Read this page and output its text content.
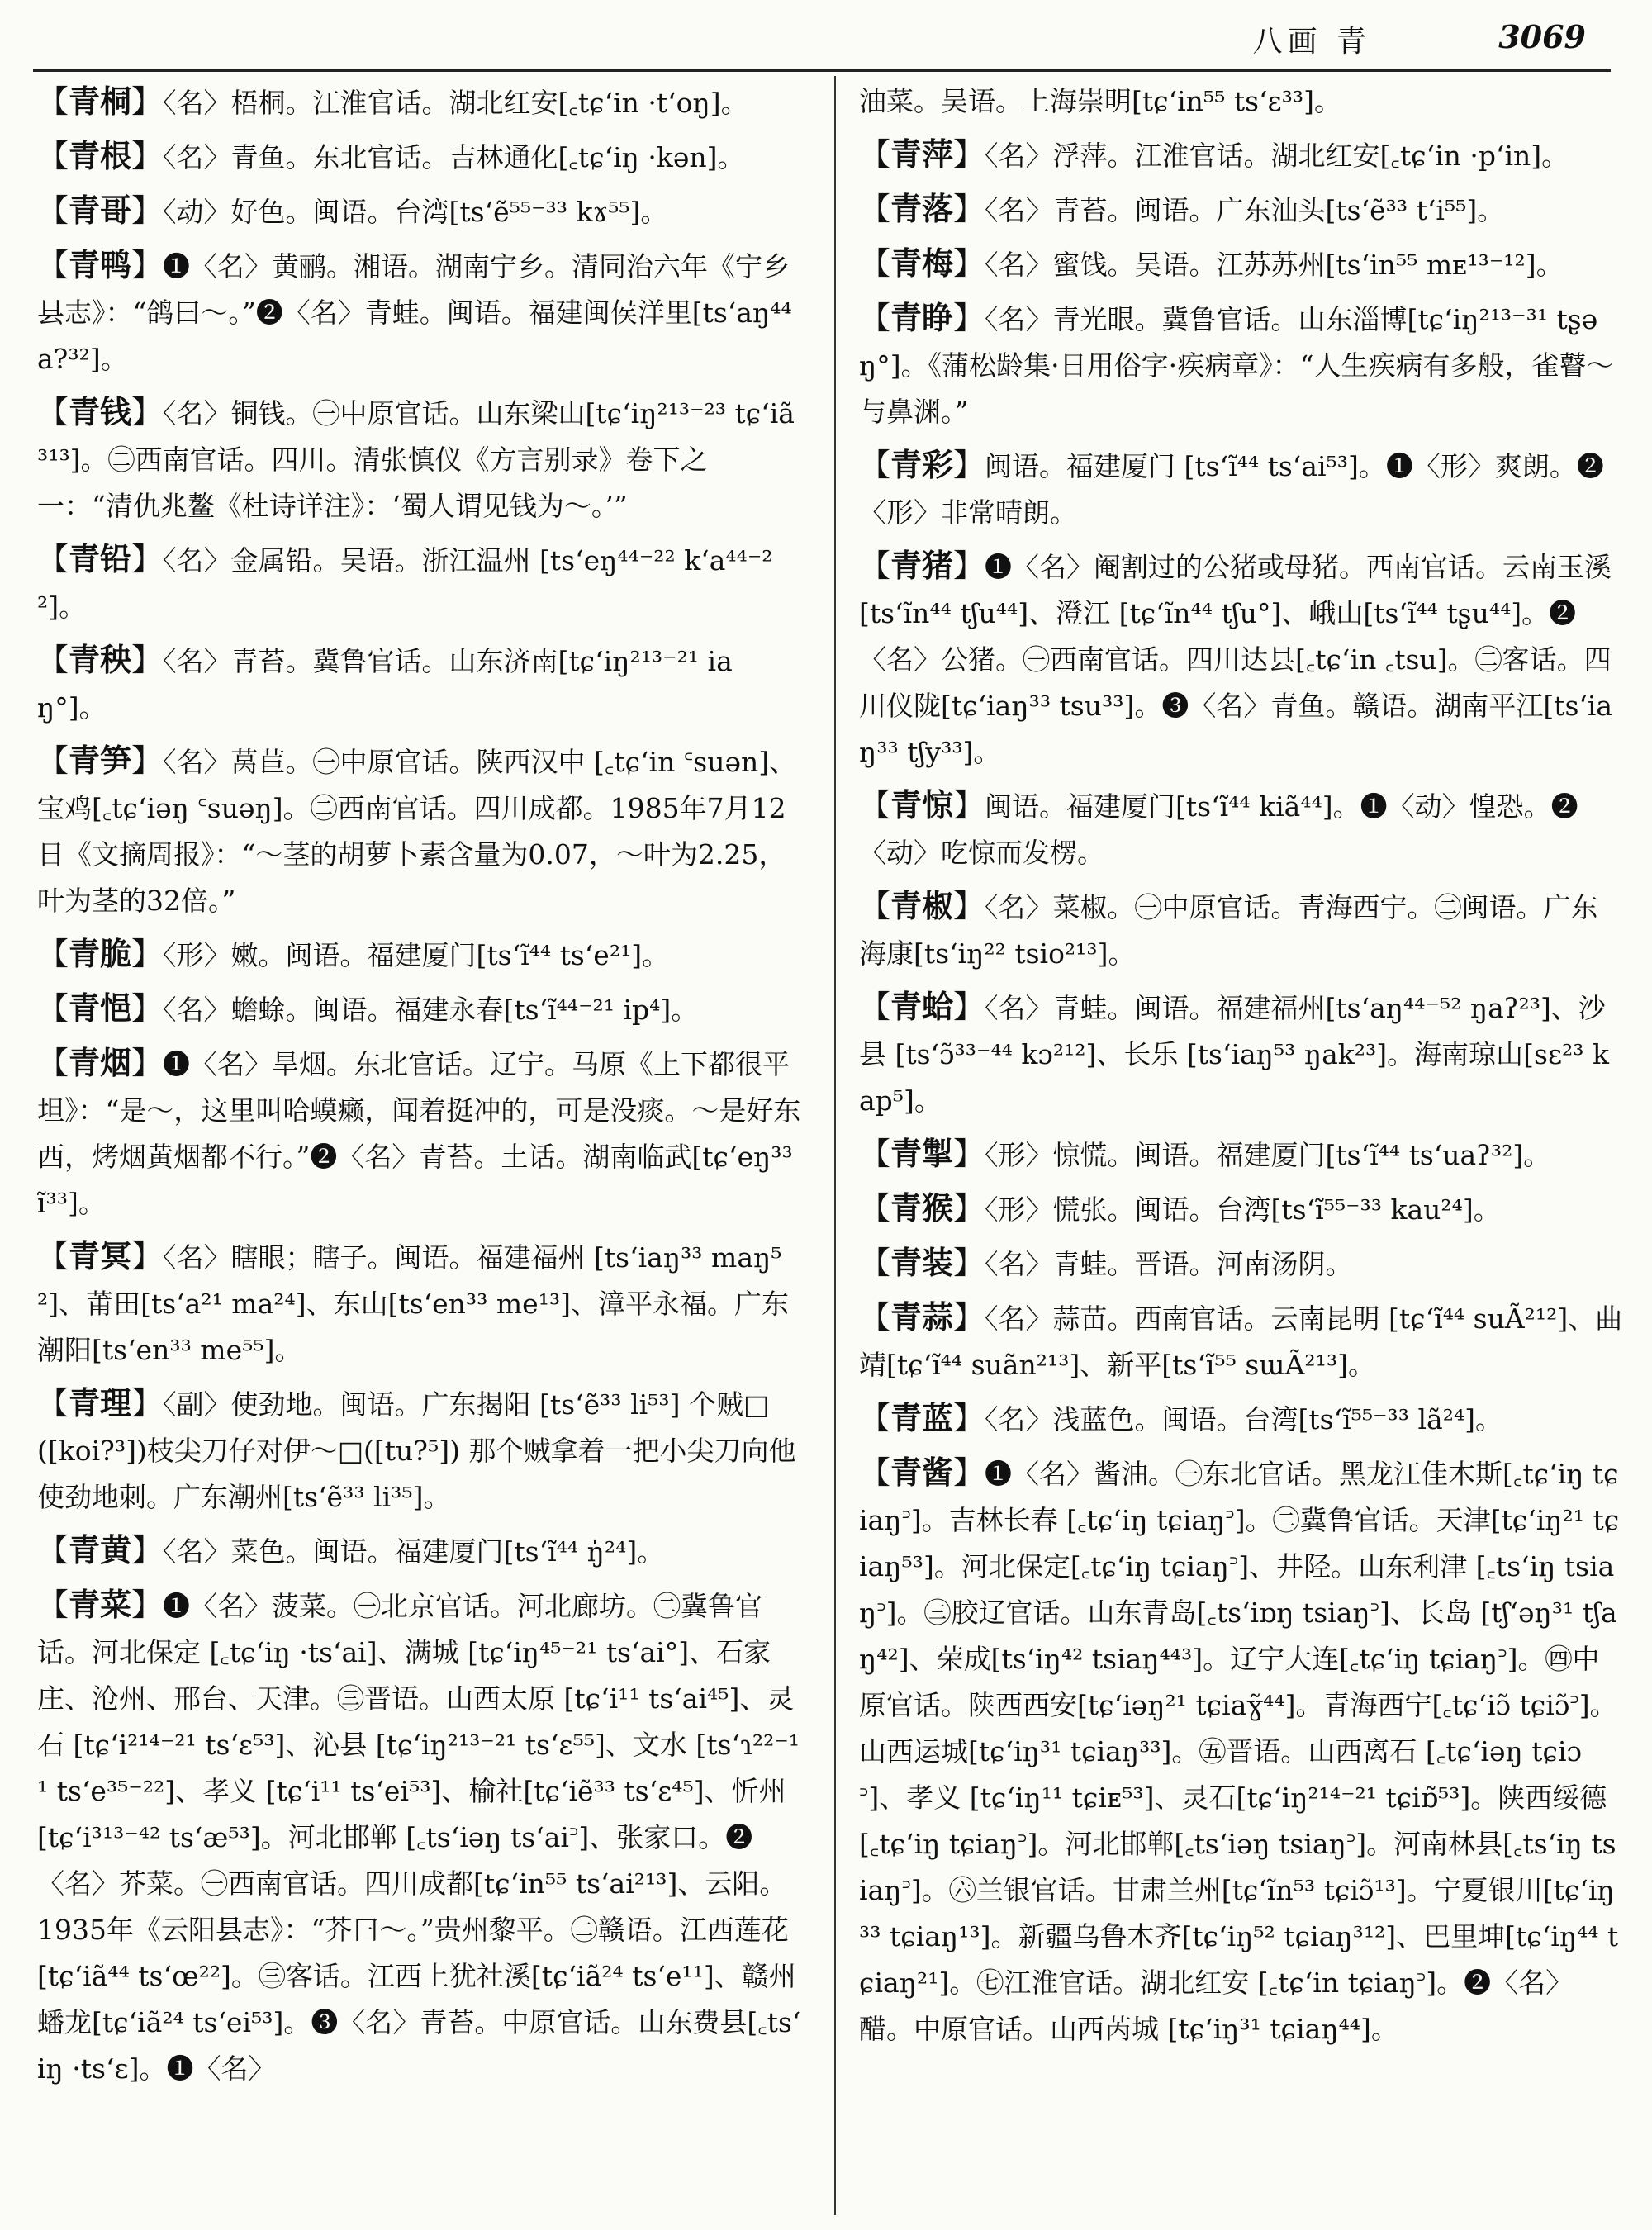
八画 青	3069
【青桐】〈名〉梧桐。江淮官话。湖北红安[꜀tɕʻin ·tʻoŋ]。
【青根】〈名〉青鱼。东北官话。吉林通化[꜀tɕʻiŋ ·kən]。
【青哥】〈动〉好色。闽语。台湾[tsʻẽ⁵⁵⁻³³ kɤ⁵⁵]。
【青鸭】❶〈名〉黄鹂。湘语。湖南宁乡。清同治六年《宁乡县志》：“鸽曰～。”❷〈名〉青蛙。闽语。福建闽侯洋里[tsʻaŋ⁴⁴ a?³²]。
【青钱】〈名〉铜钱。㊀中原官话。山东梁山[tɕʻiŋ²¹³⁻²³ tɕʻiã³¹³]。㊁西南官话。四川。清张慎仪《方言别录》卷下之一：“清仇兆鳌《杜诗详注》：‘蜀人谓见钱为～。’”
【青铅】〈名〉金属铅。吴语。浙江温州 [tsʻeŋ⁴⁴⁻²² kʻa⁴⁴⁻²²]。
【青秧】〈名〉青苔。冀鲁官话。山东济南[tɕʻiŋ²¹³⁻²¹ iaŋ°]。
【青笋】〈名〉莴苣。㊀中原官话。陕西汉中 [꜀tɕʻin ꜂suən]、宝鸡[꜀tɕʻiəŋ ꜂suəŋ]。㊁西南官话。四川成都。1985年7月12日《文摘周报》：“～茎的胡萝卜素含量为0.07，～叶为2.25，叶为茎的32倍。”
【青脆】〈形〉嫩。闽语。福建厦门[tsʻĩ⁴⁴ tsʻe²¹]。
【青悒】〈名〉蟾蜍。闽语。福建永春[tsʻĩ⁴⁴⁻²¹ ip⁴]。
【青烟】❶〈名〉旱烟。东北官话。辽宁。马原《上下都很平坦》：“是～，这里叫哈蟆癞，闻着挺冲的，可是没痰。～是好东西，烤烟黄烟都不行。”❷〈名〉青苔。土话。湖南临武[tɕʻeŋ³³ ĩ³³]。
【青冥】〈名〉瞎眼；瞎子。闽语。福建福州 [tsʻiaŋ³³ maŋ⁵²]、莆田[tsʻa²¹ ma²⁴]、东山[tsʻen³³ me¹³]、漳平永福。广东潮阳[tsʻen³³ me⁵⁵]。
【青理】〈副〉使劲地。闽语。广东揭阳 [tsʻẽ³³ li⁵³] 个贼□([koi?³])枝尖刀仔对伊～□([tu?⁵]) 那个贼拿着一把小尖刀向他使劲地刺。广东潮州[tsʻẽ³³ li³⁵]。
【青黄】〈名〉菜色。闽语。福建厦门[tsʻĩ⁴⁴ ŋ̍²⁴]。
【青菜】❶〈名〉菠菜。㊀北京官话。河北廊坊。㊁冀鲁官话。河北保定 [꜀tɕʻiŋ ·tsʻai]、满城 [tɕʻiŋ⁴⁵⁻²¹ tsʻai°]、石家庄、沧州、邢台、天津。㊂晋语。山西太原 [tɕʻi¹¹ tsʻai⁴⁵]、灵石 [tɕʻi²¹⁴⁻²¹ tsʻɛ⁵³]、沁县 [tɕʻiŋ²¹³⁻²¹ tsʻɛ⁵⁵]、文水 [tsʻɿ²²⁻¹¹ tsʻe³⁵⁻²²]、孝义 [tɕʻi¹¹ tsʻei⁵³]、榆社[tɕʻiẽ³³ tsʻɛ⁴⁵]、忻州[tɕʻi³¹³⁻⁴² tsʻæ⁵³]。河北邯郸 [꜀tsʻiəŋ tsʻai꜄]、张家口。❷〈名〉芥菜。㊀西南官话。四川成都[tɕʻin⁵⁵ tsʻai²¹³]、云阳。1935年《云阳县志》：“芥曰～。”贵州黎平。㊁赣语。江西莲花[tɕʻiã⁴⁴ tsʻœ²²]。㊂客话。江西上犹社溪[tɕʻiã²⁴ tsʻe¹¹]、赣州蟠龙[tɕʻiã²⁴ tsʻei⁵³]。❸〈名〉青苔。中原官话。山东费县[꜀tsʻiŋ ·tsʻɛ]。❶〈名〉
油菜。吴语。上海崇明[tɕʻin⁵⁵ tsʻɛ³³]。
【青萍】〈名〉浮萍。江淮官话。湖北红安[꜀tɕʻin ·pʻin]。
【青落】〈名〉青苔。闽语。广东汕头[tsʻẽ³³ tʻi⁵⁵]。
【青梅】〈名〉蜜饯。吴语。江苏苏州[tsʻin⁵⁵ mᴇ¹³⁻¹²]。
【青睁】〈名〉青光眼。冀鲁官话。山东淄博[tɕʻiŋ²¹³⁻³¹ tʂəŋ°]。《蒲松龄集·日用俗字·疾病章》：“人生疾病有多般，雀瞽～与鼻渊。”
【青彩】闽语。福建厦门 [tsʻĩ⁴⁴ tsʻai⁵³]。❶〈形〉爽朗。❷〈形〉非常晴朗。
【青猪】❶〈名〉阉割过的公猪或母猪。西南官话。云南玉溪[tsʻĩn⁴⁴ tʃu⁴⁴]、澄江 [tɕʻĩn⁴⁴ tʃu°]、峨山[tsʻĩ⁴⁴ tʂu⁴⁴]。❷〈名〉公猪。㊀西南官话。四川达县[꜀tɕʻin ꜀tsu]。㊁客话。四川仪陇[tɕʻiaŋ³³ tsu³³]。❸〈名〉青鱼。赣语。湖南平江[tsʻiaŋ³³ tʃy³³]。
【青惊】闽语。福建厦门[tsʻĩ⁴⁴ kiã⁴⁴]。❶〈动〉惶恐。❷〈动〉吃惊而发楞。
【青椒】〈名〉菜椒。㊀中原官话。青海西宁。㊁闽语。广东海康[tsʻiŋ²² tsio²¹³]。
【青蛤】〈名〉青蛙。闽语。福建福州[tsʻaŋ⁴⁴⁻⁵² ŋaʔ²³]、沙县 [tsʻɔ̃³³⁻⁴⁴ kɔ²¹²]、长乐 [tsʻiaŋ⁵³ ŋak²³]。海南琼山[sɛ²³ kap⁵]。
【青掣】〈形〉惊慌。闽语。福建厦门[tsʻĩ⁴⁴ tsʻuaʔ³²]。
【青猴】〈形〉慌张。闽语。台湾[tsʻĩ⁵⁵⁻³³ kau²⁴]。
【青装】〈名〉青蛙。晋语。河南汤阴。
【青蒜】〈名〉蒜苗。西南官话。云南昆明 [tɕʻĩ⁴⁴ suÃ²¹²]、曲靖[tɕʻĩ⁴⁴ suãn²¹³]、新平[tsʻĩ⁵⁵ sɯÃ²¹³]。
【青蓝】〈名〉浅蓝色。闽语。台湾[tsʻĩ⁵⁵⁻³³ lã²⁴]。
【青酱】❶〈名〉酱油。㊀东北官话。黑龙江佳木斯[꜀tɕʻiŋ tɕiaŋ꜄]。吉林长春 [꜀tɕʻiŋ tɕiaŋ꜄]。㊁冀鲁官话。天津[tɕʻiŋ²¹ tɕiaŋ⁵³]。河北保定[꜀tɕʻiŋ tɕiaŋ꜄]、井陉。山东利津 [꜀tsʻiŋ tsiaŋ꜄]。㊂胶辽官话。山东青岛[꜀tsʻiɒŋ tsiaŋ꜄]、长岛 [tʃʻəŋ³¹ tʃaŋ⁴²]、荣成[tsʻiŋ⁴² tsiaŋ⁴⁴³]。辽宁大连[꜀tɕʻiŋ tɕiaŋ꜄]。㊃中原官话。陕西西安[tɕʻiəŋ²¹ tɕiaɣ̃⁴⁴]。青海西宁[꜀tɕʻiɔ̃ tɕiɔ̃꜄]。山西运城[tɕʻiŋ³¹ tɕiaŋ³³]。㊄晋语。山西离石 [꜀tɕʻiəŋ tɕiɔ꜄]、孝义 [tɕʻiŋ¹¹ tɕiᴇ⁵³]、灵石[tɕʻiŋ²¹⁴⁻²¹ tɕiɒ̃⁵³]。陕西绥德[꜀tɕʻiŋ tɕiaŋ꜄]。河北邯郸[꜀tsʻiəŋ tsiaŋ꜄]。河南林县[꜀tsʻiŋ tsiaŋ꜄]。㊅兰银官话。甘肃兰州[tɕʻĩn⁵³ tɕiɔ̃¹³]。宁夏银川[tɕʻiŋ³³ tɕiaŋ¹³]。新疆乌鲁木齐[tɕʻiŋ⁵² tɕiaŋ³¹²]、巴里坤[tɕʻiŋ⁴⁴ tɕiaŋ²¹]。㊆江淮官话。湖北红安 [꜀tɕʻin tɕiaŋ꜄]。❷〈名〉醋。中原官话。山西芮城 [tɕʻiŋ³¹ tɕiaŋ⁴⁴]。
